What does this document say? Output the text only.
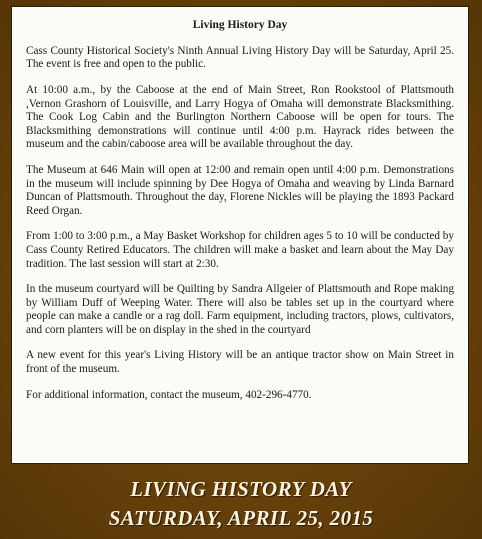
Living History Day

Cass County Historical Society's Ninth Annual Living History Day will be Saturday, April 25. The event is free and open to the public.

At 10:00 a.m., by the Caboose at the end of Main Street, Ron Rookstool of Plattsmouth ,Vernon Grashorn of Louisville, and Larry Hogya of Omaha will demonstrate Blacksmithing. The Cook Log Cabin and the Burlington Northern Caboose will be open for tours. The Blacksmithing demonstrations will continue until 4:00 p.m. Hayrack rides between the museum and the cabin/caboose area will be available throughout the day.

The Museum at 646 Main will open at 12:00 and remain open until 4:00 p.m. Demonstrations in the museum will include spinning by Dee Hogya of Omaha and weaving by Linda Barnard Duncan of Plattsmouth. Throughout the day, Florene Nickles will be playing the 1893 Packard Reed Organ.

From 1:00 to 3:00 p.m., a May Basket Workshop for children ages 5 to 10 will be conducted by Cass County Retired Educators. The children will make a basket and learn about the May Day tradition. The last session will start at 2:30.

In the museum courtyard will be Quilting by Sandra Allgeier of Plattsmouth and Rope making by William Duff of Weeping Water. There will also be tables set up in the courtyard where people can make a candle or a rag doll. Farm equipment, including tractors, plows, cultivators, and corn planters will be on display in the shed in the courtyard

A new event for this year's Living History will be an antique tractor show on Main Street in front of the museum.

For additional information, contact the museum, 402-296-4770.

LIVING HISTORY DAY
SATURDAY, APRIL 25, 2015
